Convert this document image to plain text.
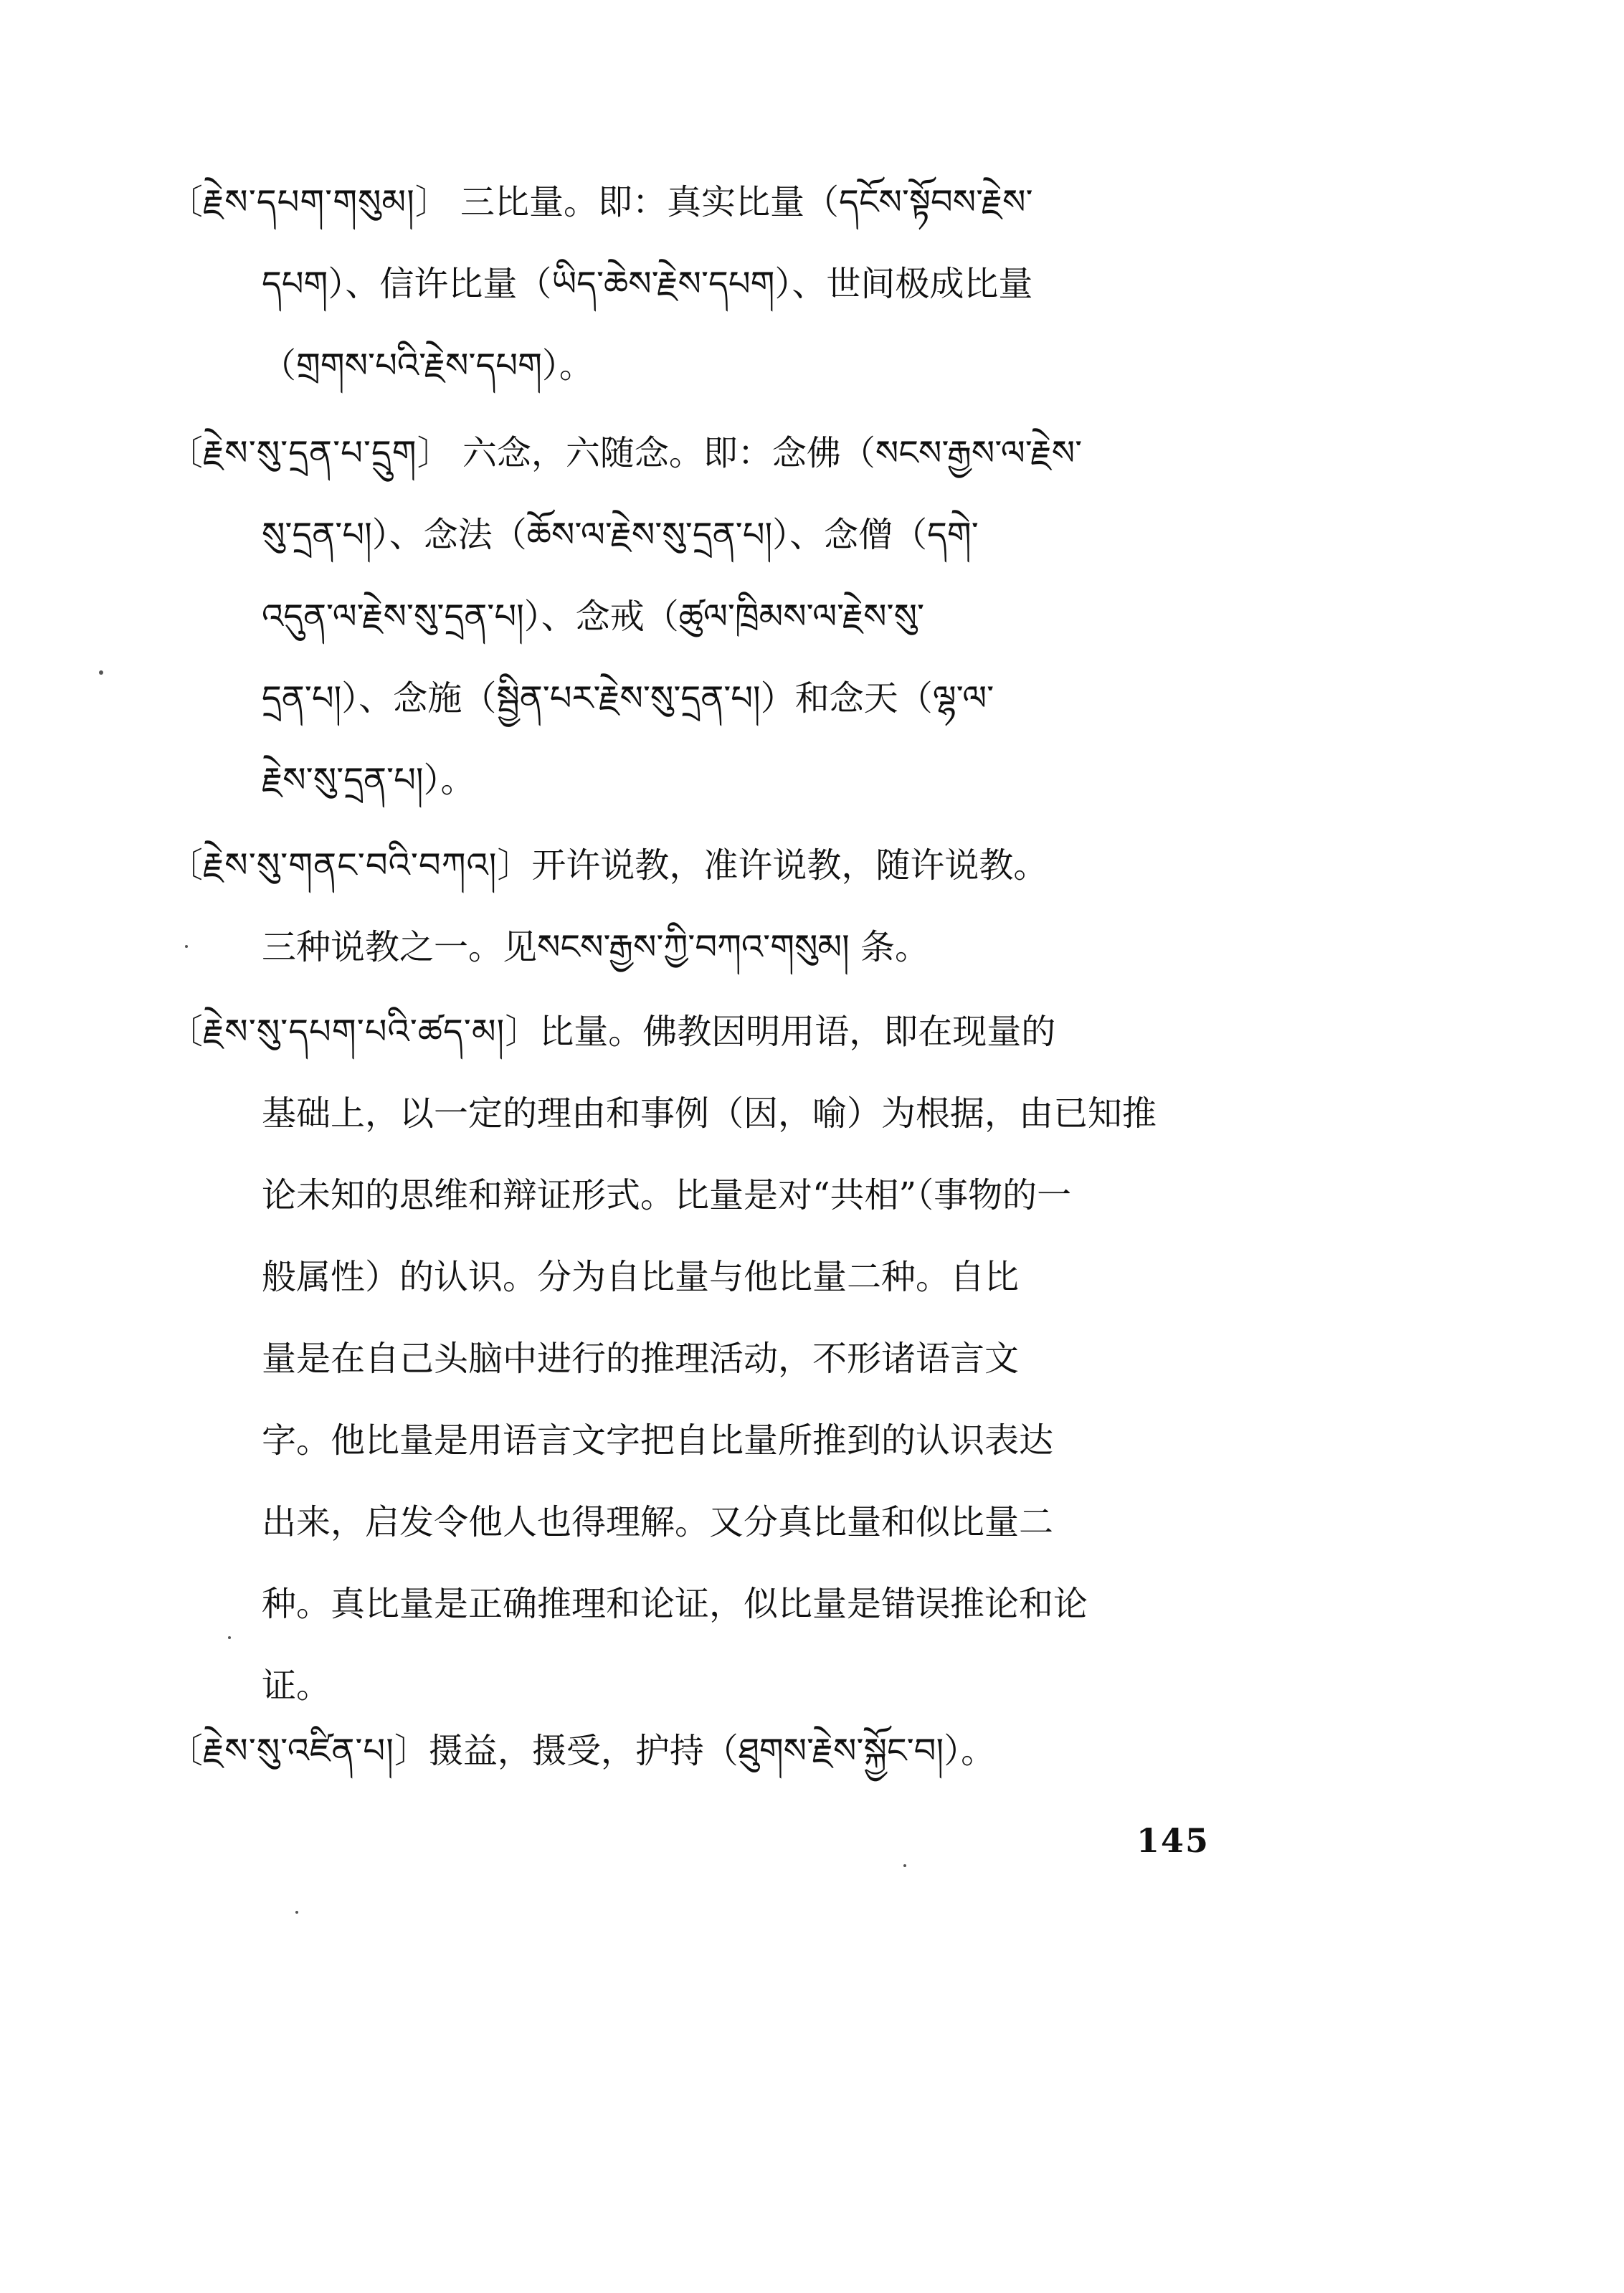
〔རྗེས་དཔག་གསུམ།〕 三比量。即：真实比量（དངོས་སྟོབས་རྗེས་
དཔག）、信许比量（ཡིད་ཆེས་རྗེས་དཔག）、世间极成比量
（གྲགས་པའི་རྗེས་དཔག）。
〔རྗེས་སུ་དྲན་པ་དྲུག〕 六念，六随念。即：念佛（སངས་རྒྱས་ལ་རྗེས་
སུ་དྲན་པ།）、念法（ཆོས་ལ་རྗེས་སུ་དྲན་པ།）、念僧（དགེ་
འདུན་ལ་རྗེས་སུ་དྲན་པ།）、念戒（ཚུལ་ཁྲིམས་ལ་རྗེས་སུ་
དྲན་པ།）、念施（སྦྱིན་པར་རྗེས་སུ་དྲན་པ།）和念天（ལྷ་ལ་
རྗེས་སུ་དྲན་པ།）。
〔རྗེས་སུ་གནང་བའི་བཀའ།〕开许说教，准许说教，随许说教。
三种说教之一。见སངས་རྒྱས་ཀྱི་བཀའ་གསུམ། 条。
〔རྗེས་སུ་དཔག་པའི་ཚད་མ།〕比量。佛教因明用语，即在现量的
基础上，以一定的理由和事例（因，喻）为根据，由已知推
论未知的思维和辩证形式。比量是对“共相”（事物的一
般属性）的认识。分为自比量与他比量二种。自比
量是在自己头脑中进行的推理活动，不形诸语言文
字。他比量是用语言文字把自比量所推到的认识表达
出来，启发令他人也得理解。又分真比量和似比量二
种。真比量是正确推理和论证，似比量是错误推论和论
证。
〔རྗེས་སུ་འཛིན་པ།〕摄益，摄受，护持（ཐུགས་རྗེས་སྐྱོང་བ།）。
145
